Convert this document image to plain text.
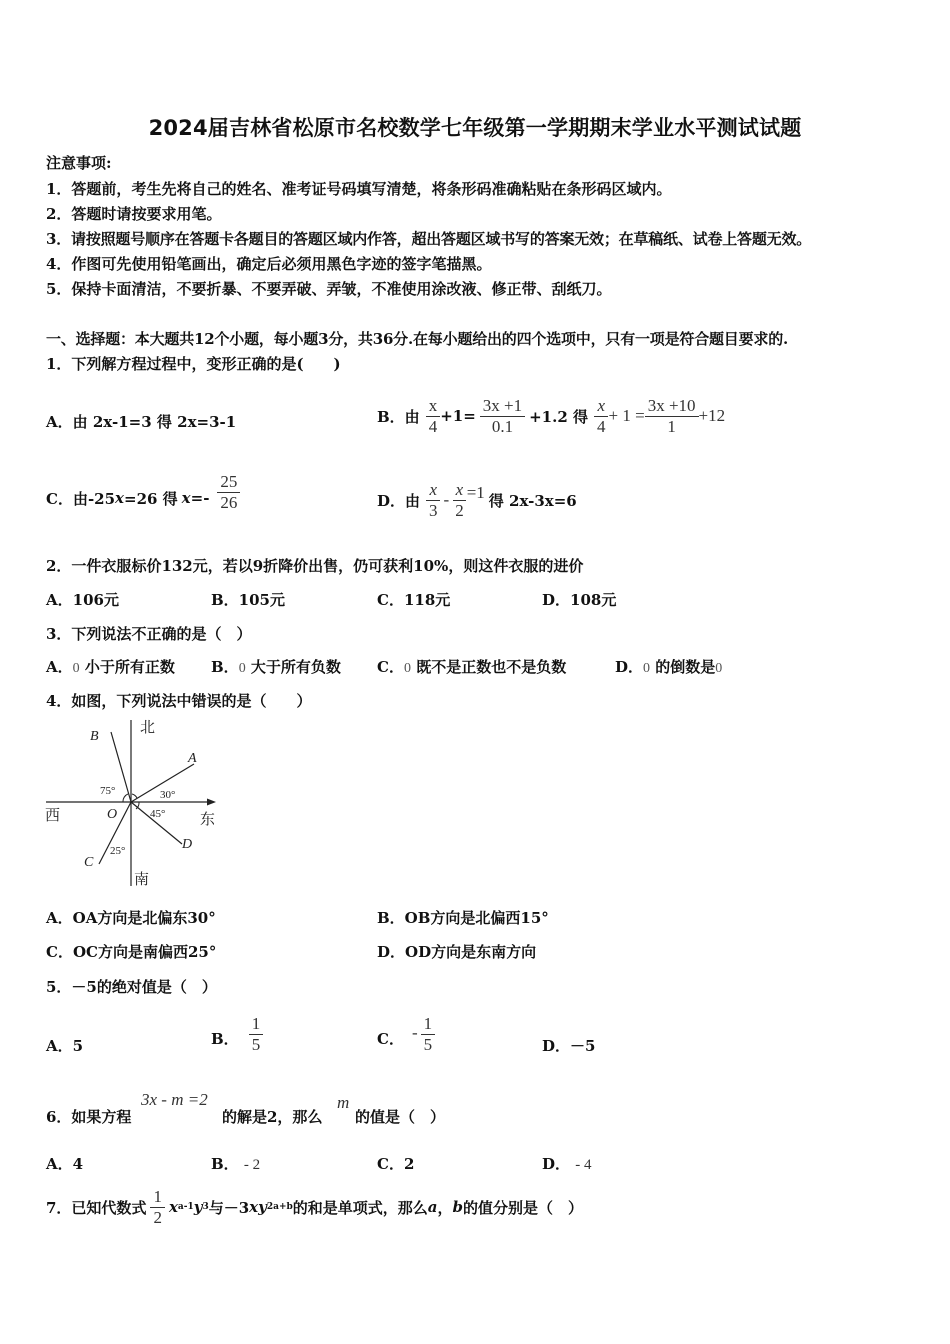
2024届吉林省松原市名校数学七年级第一学期期末学业水平测试试题
注意事项:
1．答题前，考生先将自己的姓名、准考证号码填写清楚，将条形码准确粘贴在条形码区域内。
2．答题时请按要求用笔。
3．请按照题号顺序在答题卡各题目的答题区域内作答，超出答题区域书写的答案无效；在草稿纸、试卷上答题无效。
4．作图可先使用铅笔画出，确定后必须用黑色字迹的签字笔描黑。
5．保持卡面清洁，不要折暴、不要弄破、弄皱，不准使用涂改液、修正带、刮纸刀。
一、选择题：本大题共12个小题，每小题3分，共36分.在每小题给出的四个选项中，只有一项是符合题目要求的.
1．下列解方程过程中，变形正确的是(　　)
A．由 2x-1=3 得 2x=3-1	B．由 $\frac{x}{4} +1= \frac{3x +1}{0.1} +1.2$ 得 $\frac{x}{4} + 1 = \frac{3x +10}{1} +12$
C．由-25 x =26 得 $x =- \frac{25}{26}$	D．由 $\frac{x}{3} - \frac{x}{2} =1$ 得 2x-3x=6
2．一件衣服标价132元，若以9折降价出售，仍可获利10%，则这件衣服的进价
A．106元	B．105元	C．118元	D．108元
3．下列说法不正确的是（　）
A．0 小于所有正数 B．0 大于所有负数 C．0 既不是正数也不是负数	D．0 的倒数是0
4．如图，下列说法中错误的是（　　）
北
南
东
西	O
A
B
C
D
75°	30°
45°
25°
A．OA方向是北偏东30°	B．OB方向是北偏西15°
C．OC方向是南偏西25°	D．OD方向是东南方向
5．－5的绝对值是（　）
A．5	B． $\frac{1}{5}$	C． - $\frac{1}{5}$	D．－5
6．如果方程
3x - m =2
的解是2，那么
m
的值是（　）
A．4	B． - 2	C．2	D． - 4
7．已知代数式 $\frac{1}{2}$ x a-1 y 3 与－3 xy 2a+b 的和是单项式，那么 a ， b 的值分别是（　）
